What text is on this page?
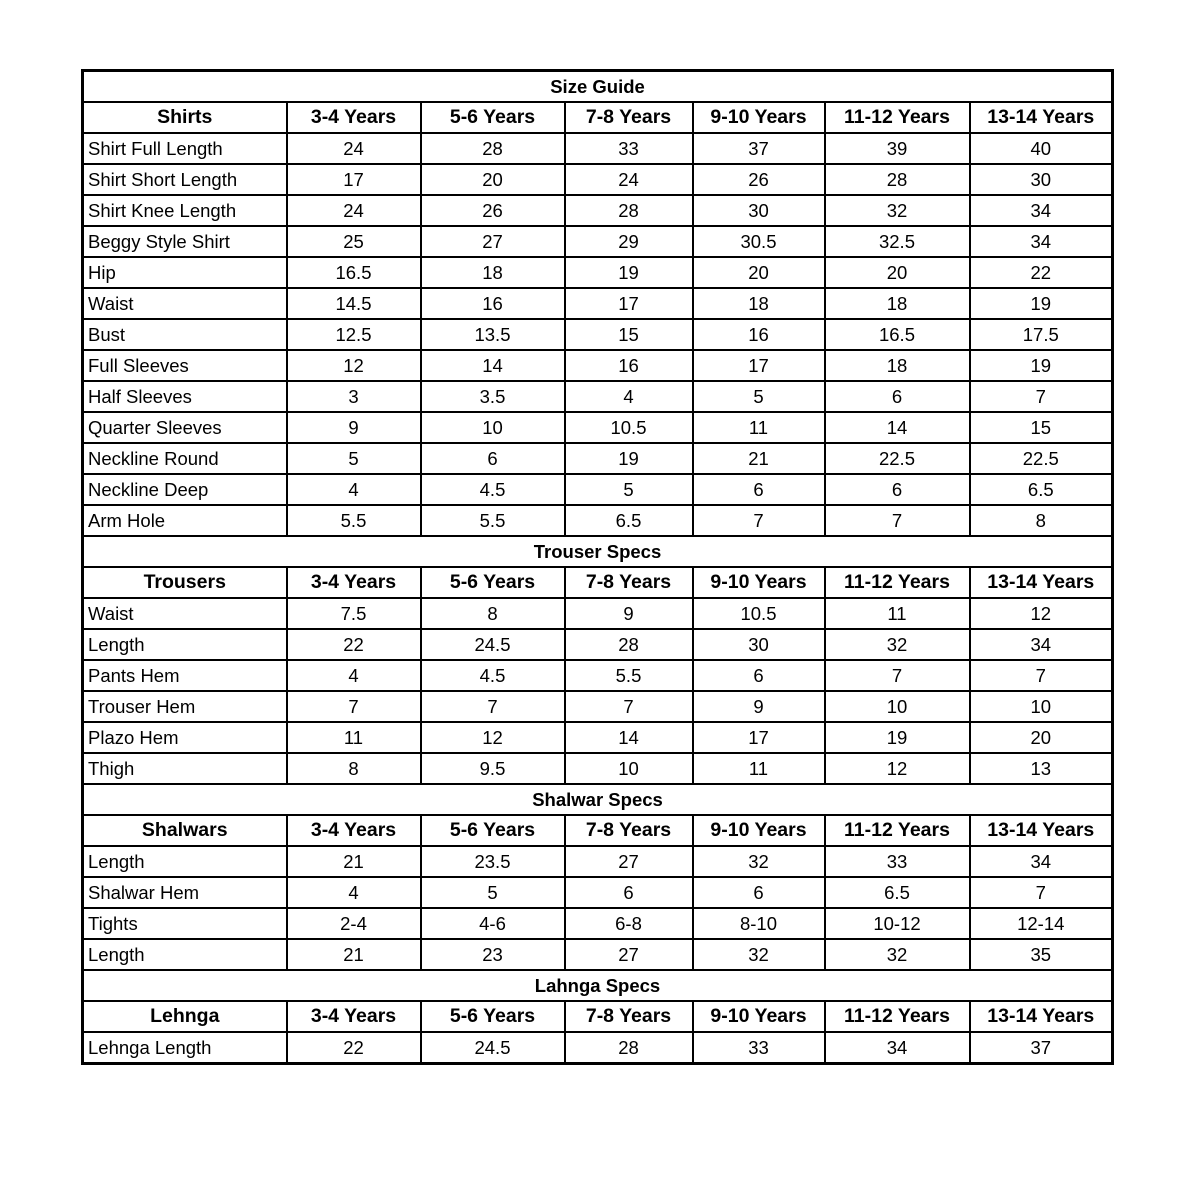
Size Guide						
Shirts	3-4 Years	5-6 Years	7-8 Years	9-10 Years	11-12 Years	13-14 Years
Shirt Full Length	24	28	33	37	39	40
Shirt Short Length	17	20	24	26	28	30
Shirt Knee Length	24	26	28	30	32	34
Beggy Style Shirt	25	27	29	30.5	32.5	34
Hip	16.5	18	19	20	20	22
Waist	14.5	16	17	18	18	19
Bust	12.5	13.5	15	16	16.5	17.5
Full Sleeves	12	14	16	17	18	19
Half Sleeves	3	3.5	4	5	6	7
Quarter Sleeves	9	10	10.5	11	14	15
Neckline Round	5	6	19	21	22.5	22.5
Neckline Deep	4	4.5	5	6	6	6.5
Arm Hole	5.5	5.5	6.5	7	7	8
Trouser Specs						
Trousers	3-4 Years	5-6 Years	7-8 Years	9-10 Years	11-12 Years	13-14 Years
Waist	7.5	8	9	10.5	11	12
Length	22	24.5	28	30	32	34
Pants Hem	4	4.5	5.5	6	7	7
Trouser Hem	7	7	7	9	10	10
Plazo Hem	11	12	14	17	19	20
Thigh	8	9.5	10	11	12	13
Shalwar Specs						
Shalwars	3-4 Years	5-6 Years	7-8 Years	9-10 Years	11-12 Years	13-14 Years
Length	21	23.5	27	32	33	34
Shalwar Hem	4	5	6	6	6.5	7
Tights	2-4	4-6	6-8	8-10	10-12	12-14
Length	21	23	27	32	32	35
Lahnga Specs						
Lehnga	3-4 Years	5-6 Years	7-8 Years	9-10 Years	11-12 Years	13-14 Years
Lehnga Length	22	24.5	28	33	34	37
